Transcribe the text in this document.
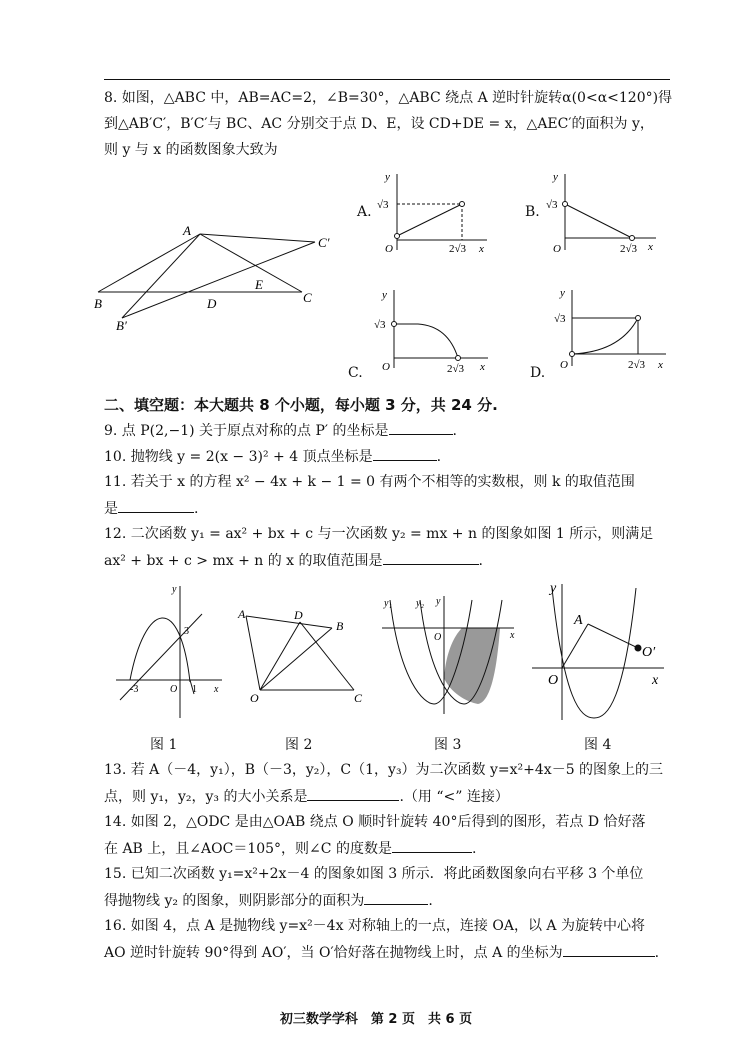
8. 如图，△ABC 中，AB=AC=2，∠B=30°，△ABC 绕点 A 逆时针旋转α(0<α<120°)得
到△AB′C′，B′C′与 BC、AC 分别交于点 D、E，设 CD+DE = x，△AEC′的面积为 y，
则 y 与 x 的函数图象大致为
A
B	C
C′
B′
D
E
A.
y
√3
O	2√3 x
B.
y
√3
O	2√3 x
C.
y
√3
O	2√3 x	D.
y
√3
O	2√3 x
二、填空题：本大题共 8 个小题，每小题 3 分，共 24 分.
9. 点 P(2,−1) 关于原点对称的点 P′ 的坐标是	.
10. 抛物线 y = 2(x − 3)² + 4 顶点坐标是	.
11. 若关于 x 的方程 x² − 4x + k − 1 = 0 有两个不相等的实数根，则 k 的取值范围
是	.
12. 二次函数 y₁ = ax² + bx + c 与一次函数 y₂ = mx + n 的图象如图 1 所示，则满足
ax² + bx + c > mx + n 的 x 的取值范围是	.
y
3
-3	O 1 x
图 1
A	D
B
O	C
图 2
y₁ y₂ y
O	x
图 3
y
A
O′
O	x
图 4
13. 若 A（－4，y₁），B（－3，y₂），C（1，y₃）为二次函数 y=x²+4x－5 的图象上的三
点，则 y₁，y₂，y₃ 的大小关系是	.（用 “<” 连接）
14. 如图 2，△ODC 是由△OAB 绕点 O 顺时针旋转 40°后得到的图形，若点 D 恰好落
在 AB 上，且∠AOC＝105°，则∠C 的度数是	.
15. 已知二次函数 y₁=x²+2x－4 的图象如图 3 所示．将此函数图象向右平移 3 个单位
得抛物线 y₂ 的图象，则阴影部分的面积为	.
16. 如图 4，点 A 是抛物线 y=x²－4x 对称轴上的一点，连接 OA，以 A 为旋转中心将
AO 逆时针旋转 90°得到 AO′，当 O′恰好落在抛物线上时，点 A 的坐标为	.
初三数学学科　第 2 页　共 6 页
